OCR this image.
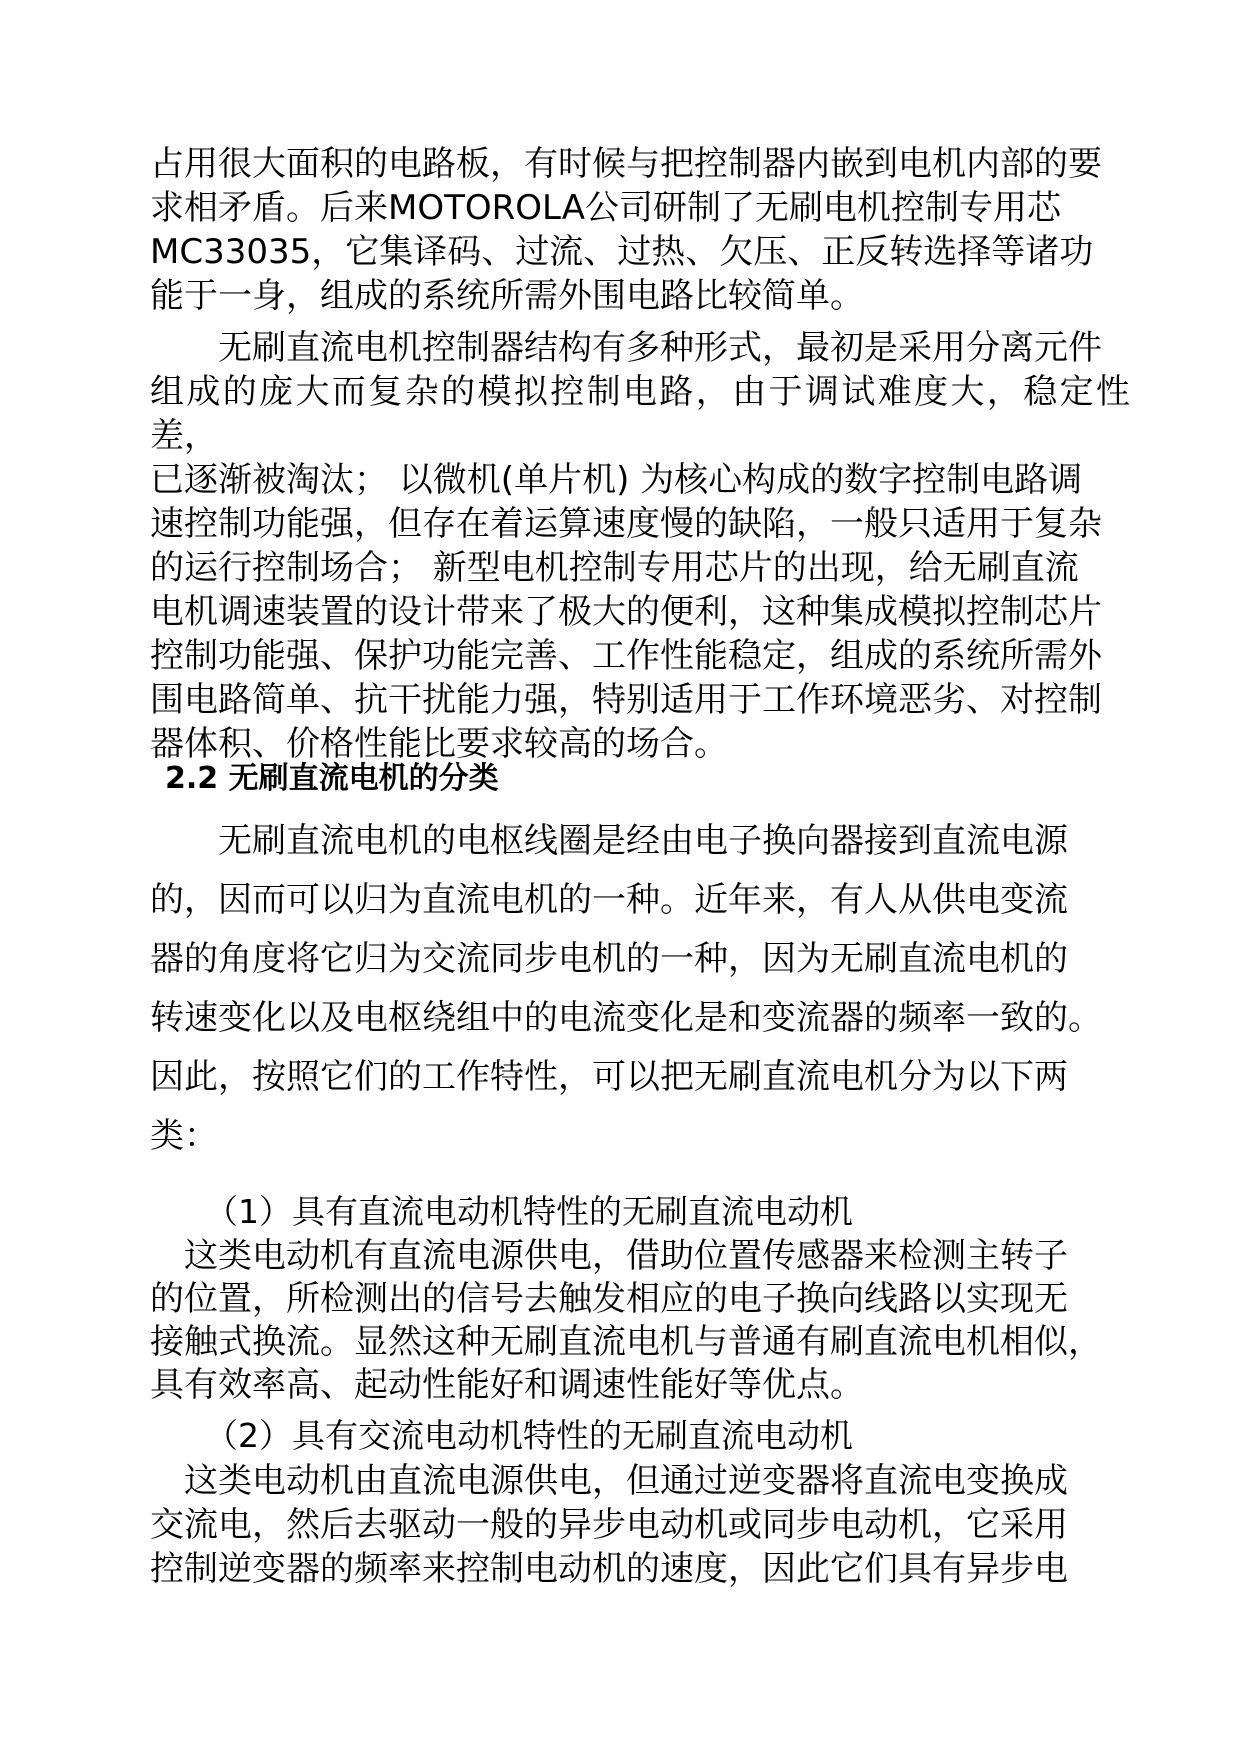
占用很大面积的电路板，有时候与把控制器内嵌到电机内部的要
求相矛盾。后来MOTOROLA公司研制了无刷电机控制专用芯
MC33035，它集译码、过流、过热、欠压、正反转选择等诸功
能于一身，组成的系统所需外围电路比较简单。

　　无刷直流电机控制器结构有多种形式，最初是采用分离元件
组成的庞大而复杂的模拟控制电路，由于调试难度大，稳定性差，
已逐渐被淘汰； 以微机(单片机) 为核心构成的数字控制电路调
速控制功能强，但存在着运算速度慢的缺陷，一般只适用于复杂
的运行控制场合； 新型电机控制专用芯片的出现，给无刷直流
电机调速装置的设计带来了极大的便利，这种集成模拟控制芯片
控制功能强、保护功能完善、工作性能稳定，组成的系统所需外
围电路简单、抗干扰能力强，特别适用于工作环境恶劣、对控制
器体积、价格性能比要求较高的场合。

2.2 无刷直流电机的分类

　　无刷直流电机的电枢线圈是经由电子换向器接到直流电源
的，因而可以归为直流电机的一种。近年来，有人从供电变流
器的角度将它归为交流同步电机的一种，因为无刷直流电机的
转速变化以及电枢绕组中的电流变化是和变流器的频率一致的。
因此，按照它们的工作特性，可以把无刷直流电机分为以下两
类：

（1）具有直流电动机特性的无刷直流电动机

　这类电动机有直流电源供电，借助位置传感器来检测主转子
的位置，所检测出的信号去触发相应的电子换向线路以实现无
接触式换流。显然这种无刷直流电机与普通有刷直流电机相似，
具有效率高、起动性能好和调速性能好等优点。

（2）具有交流电动机特性的无刷直流电动机

　这类电动机由直流电源供电，但通过逆变器将直流电变换成
交流电，然后去驱动一般的异步电动机或同步电动机，它采用
控制逆变器的频率来控制电动机的速度，因此它们具有异步电
